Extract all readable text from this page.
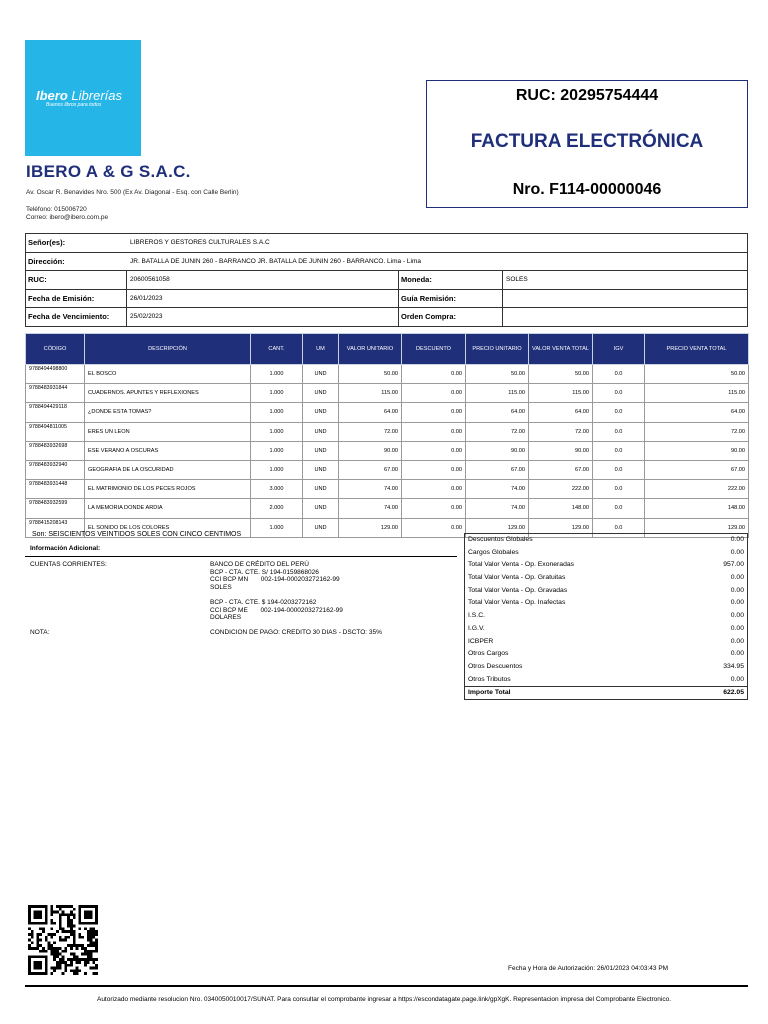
Ibero Librerías
Buenos libros para todos
IBERO A & G S.A.C.
Av. Oscar R. Benavides Nro. 500 (Ex Av. Diagonal - Esq. con Calle Berlin)
Teléfono: 015006720
Correo: ibero@ibero.com.pe
RUC: 20295754444
FACTURA ELECTRÓNICA
Nro. F114-00000046
Señor(es):	LIBREROS Y GESTORES CULTURALES S.A.C
Dirección:	JR. BATALLA DE JUNIN 260 - BARRANCO JR. BATALLA DE JUNIN 260 - BARRANCO. Lima - Lima
RUC:	20600561058	Moneda:	SOLES
Fecha de Emisión:	26/01/2023	Guía Remisión:
Fecha de Vencimiento:	25/02/2023	Orden Compra:
CÓDIGO	DESCRIPCIÓN	CANT.	UM	VALOR UNITARIO	DESCUENTO	PRECIO UNITARIO	VALOR VENTA TOTAL	IGV	PRECIO VENTA TOTAL
9788494498800	EL BOSCO	1.000	UND	50.00	0.00	50.00	50.00	0.0	50.00
9788483931844	CUADERNOS. APUNTES Y REFLEXIONES	1.000	UND	115.00	0.00	115.00	115.00	0.0	115.00
9788494429118	¿DONDE ESTA TOMAS?	1.000	UND	64.00	0.00	64.00	64.00	0.0	64.00
9788494811005	ERES UN LEON	1.000	UND	72.00	0.00	72.00	72.00	0.0	72.00
9788483932698	ESE VERANO A OSCURAS	1.000	UND	90.00	0.00	90.00	90.00	0.0	90.00
9788483932940	GEOGRAFIA DE LA OSCURIDAD	1.000	UND	67.00	0.00	67.00	67.00	0.0	67.00
9788483931448	EL MATRIMONIO DE LOS PECES ROJOS	3.000	UND	74.00	0.00	74.00	222.00	0.0	222.00
9788483932599	LA MEMORIA DONDE ARDIA	2.000	UND	74.00	0.00	74.00	148.00	0.0	148.00
9788415208143	EL SONIDO DE LOS COLORES	1.000	UND	129.00	0.00	129.00	129.00	0.0	129.00
Son: SEISCIENTOS VEINTIDOS SOLES CON CINCO CENTIMOS
Información Adicional:
CUENTAS CORRIENTES:	BANCO DE CRÉDITO DEL PERÚ
BCP - CTA. CTE. S/ 194-0159868026
CCI BCP MN       002-194-000203272162-99
SOLES
BCP - CTA. CTE. $ 194-0203272162
CCI BCP ME       002-194-0000203272162-99
DOLARES
NOTA:	CONDICION DE PAGO: CREDITO 30 DIAS - DSCTO: 35%
Descuentos Globales	0.00
Cargos Globales	0.00
Total Valor Venta - Op. Exoneradas	957.00
Total Valor Venta - Op. Gratuitas	0.00
Total Valor Venta - Op. Gravadas	0.00
Total Valor Venta - Op. Inafectas	0.00
I.S.C.	0.00
I.G.V.	0.00
ICBPER	0.00
Otros Cargos	0.00
Otros Descuentos	334.95
Otros Tributos	0.00
Importe Total	622.05
Fecha y Hora de Autorización: 26/01/2023 04:03:43 PM
Autorizado mediante resolucion Nro. 0340050010017/SUNAT. Para consultar el comprobante ingresar a https://escondatagate.page.link/gpXgK. Representacion impresa del Comprobante Electronico.
